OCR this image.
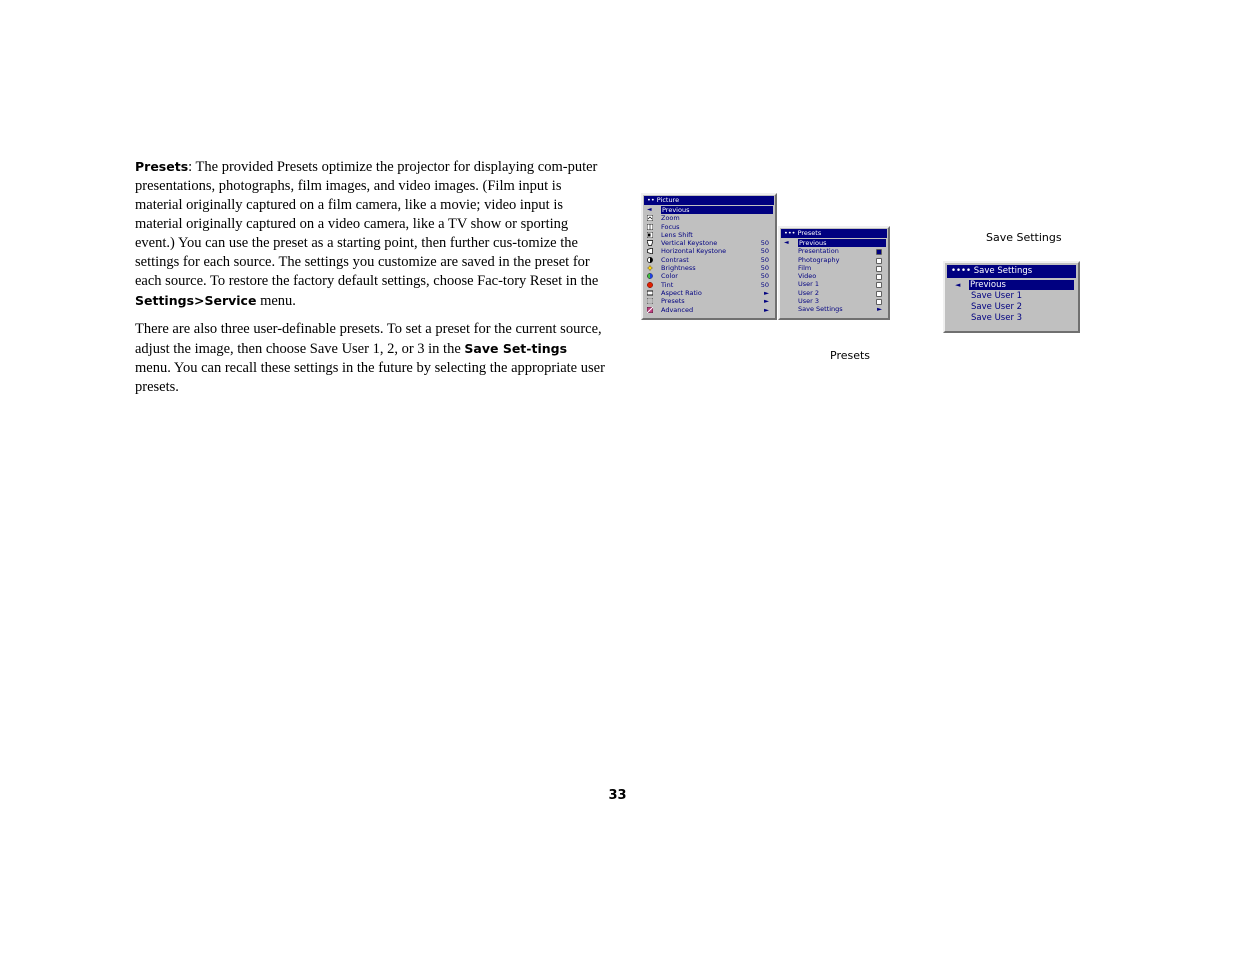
Presets: The provided Presets optimize the projector for displaying com-puter presentations, photographs, film images, and video images. (Film input is material originally captured on a film camera, like a movie; video input is material originally captured on a video camera, like a TV show or sporting event.) You can use the preset as a starting point, then further cus-tomize the settings for each source. The settings you customize are saved in the preset for each source. To restore the factory default settings, choose Fac-tory Reset in the Settings>Service menu.

There are also three user-definable presets. To set a preset for the current source, adjust the image, then choose Save User 1, 2, or 3 in the Save Set-tings menu. You can recall these settings in the future by selecting the appropriate user presets.

•• Picture
◄ Previous
Zoom
Focus
Lens Shift
Vertical Keystone	50
Horizontal Keystone	50
Contrast	50
Brightness	50
Color	50
Tint	50
Aspect Ratio	►
Presets	►
Advanced	►
••• Presets
◄ Previous
Presentation
Photography
Film
Video
User 1
User 2
User 3
Save Settings	►
•••• Save Settings
◄ Previous
Save User 1
Save User 2
Save User 3
Save Settings
Presets
33
